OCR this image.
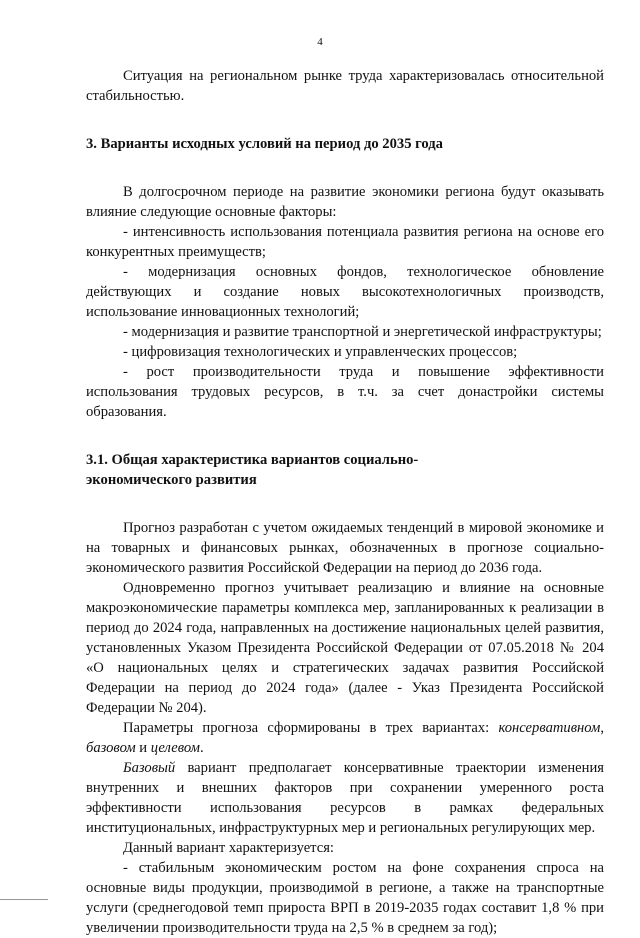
4

Ситуация на региональном рынке труда характеризовалась относительной стабильностью.

3. Варианты исходных условий на период до 2035 года

В долгосрочном периоде на развитие экономики региона будут оказывать влияние следующие основные факторы:

- интенсивность использования потенциала развития региона на основе его конкурентных преимуществ;

- модернизация основных фондов, технологическое обновление действующих и создание новых высокотехнологичных производств, использование инновационных технологий;

- модернизация и развитие транспортной и энергетической инфраструктуры;

- цифровизация технологических и управленческих процессов;

- рост производительности труда и повышение эффективности использования трудовых ресурсов, в т.ч. за счет донастройки системы образования.

3.1. Общая характеристика вариантов социально-

экономического развития

Прогноз разработан с учетом ожидаемых тенденций в мировой экономике и на товарных и финансовых рынках, обозначенных в прогнозе социально-экономического развития Российской Федерации на период до 2036 года.

Одновременно прогноз учитывает реализацию и влияние на основные макроэкономические параметры комплекса мер, запланированных к реализации в период до 2024 года, направленных на достижение национальных целей развития, установленных Указом Президента Российской Федерации от 07.05.2018 № 204 «О национальных целях и стратегических задачах развития Российской Федерации на период до 2024 года» (далее - Указ Президента Российской Федерации № 204).

Параметры прогноза сформированы в трех вариантах: консервативном, базовом и целевом.

Базовый вариант предполагает консервативные траектории изменения внутренних и внешних факторов при сохранении умеренного роста эффективности использования ресурсов в рамках федеральных институциональных, инфраструктурных мер и региональных регулирующих мер.

Данный вариант характеризуется:

- стабильным экономическим ростом на фоне сохранения спроса на основные виды продукции, производимой в регионе, а также на транспортные услуги (среднегодовой темп прироста ВРП в 2019-2035 годах составит 1,8 % при увеличении производительности труда на 2,5 % в среднем за год);
